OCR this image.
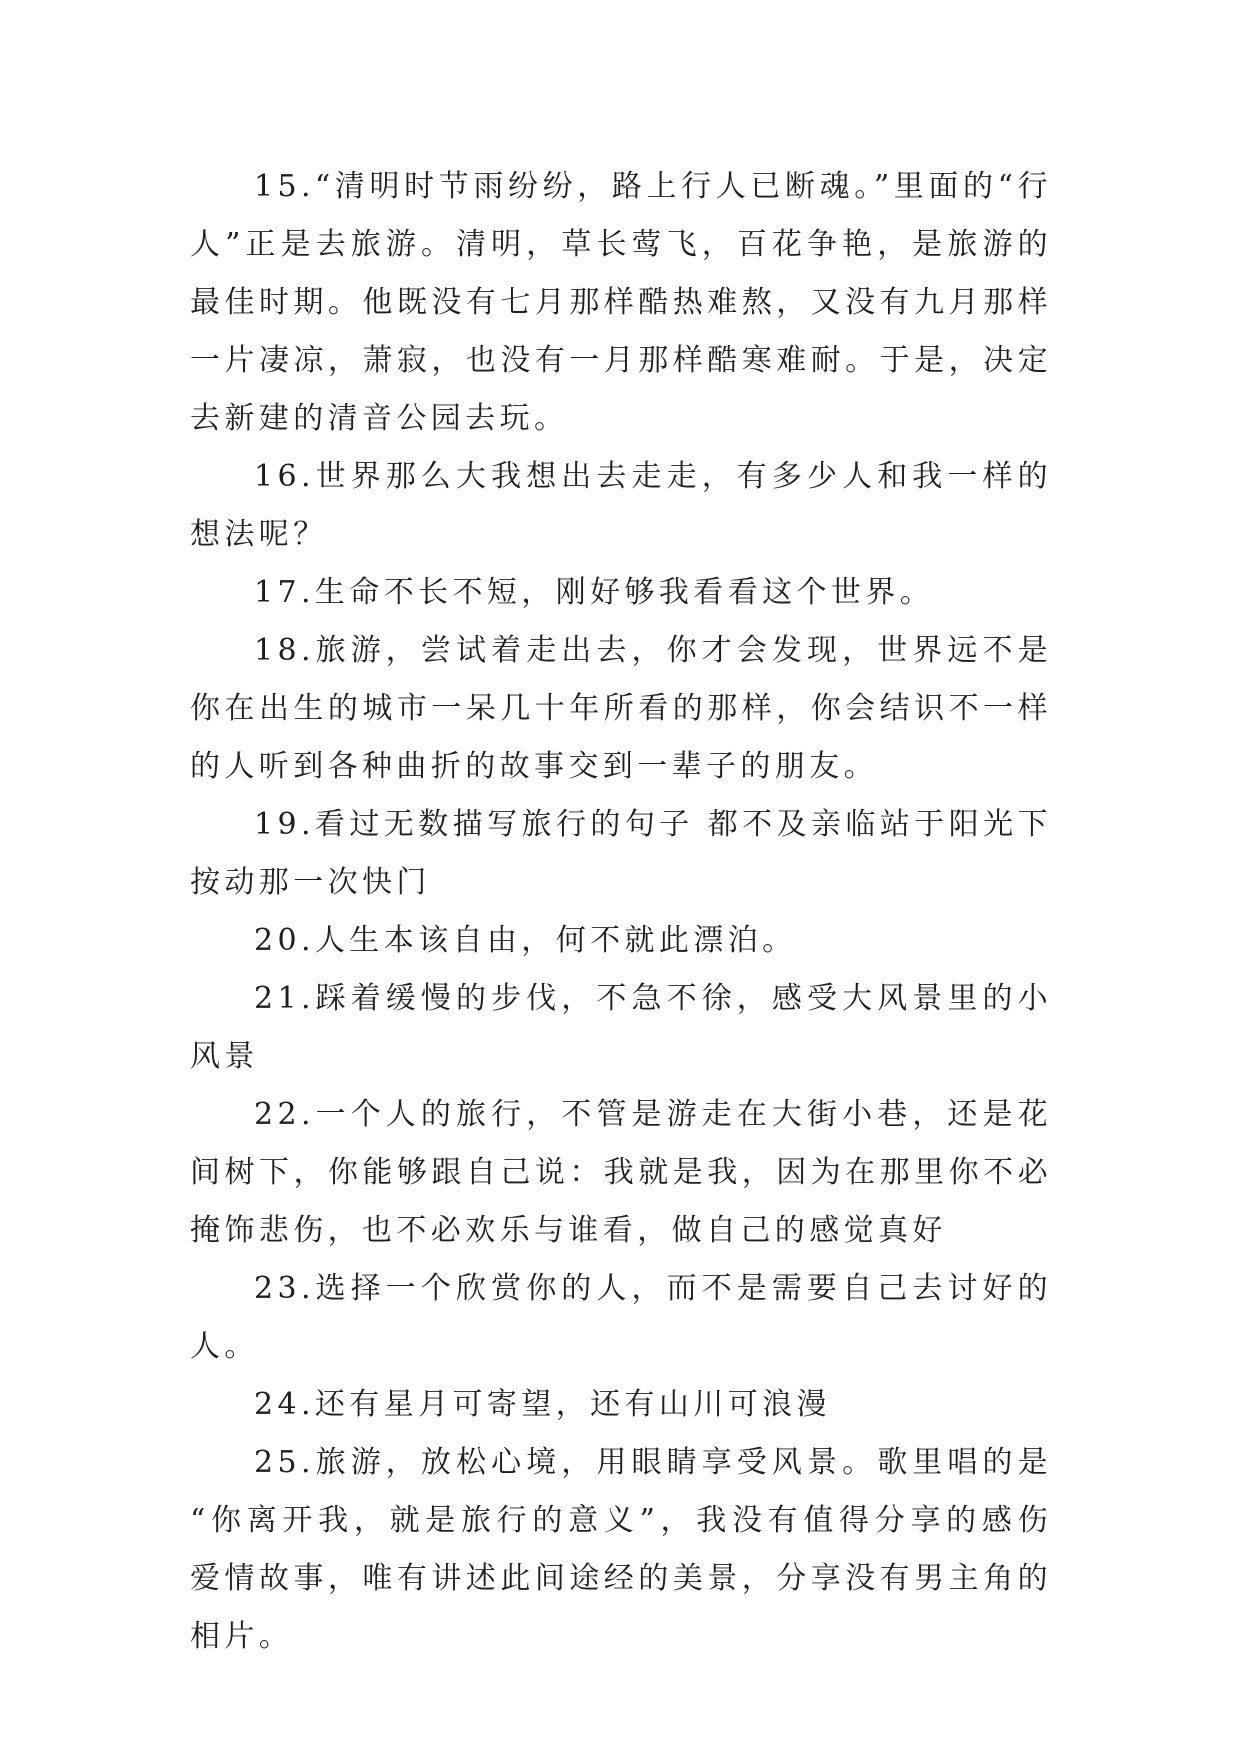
15.“清明时节雨纷纷，路上行人已断魂。”里面的“行人”正是去旅游。清明，草长莺飞，百花争艳，是旅游的最佳时期。他既没有七月那样酷热难熬，又没有九月那样一片凄凉，萧寂，也没有一月那样酷寒难耐。于是，决定去新建的清音公园去玩。

16.世界那么大我想出去走走，有多少人和我一样的想法呢？

17.生命不长不短，刚好够我看看这个世界。

18.旅游，尝试着走出去，你才会发现，世界远不是你在出生的城市一呆几十年所看的那样，你会结识不一样的人听到各种曲折的故事交到一辈子的朋友。

19.看过无数描写旅行的句子 都不及亲临站于阳光下按动那一次快门

20.人生本该自由，何不就此漂泊。

21.踩着缓慢的步伐，不急不徐，感受大风景里的小风景

22.一个人的旅行，不管是游走在大街小巷，还是花间树下，你能够跟自己说：我就是我，因为在那里你不必掩饰悲伤，也不必欢乐与谁看，做自己的感觉真好

23.选择一个欣赏你的人，而不是需要自己去讨好的人。

24.还有星月可寄望，还有山川可浪漫

25.旅游，放松心境，用眼睛享受风景。歌里唱的是“你离开我，就是旅行的意义”，我没有值得分享的感伤爱情故事，唯有讲述此间途经的美景，分享没有男主角的相片。
